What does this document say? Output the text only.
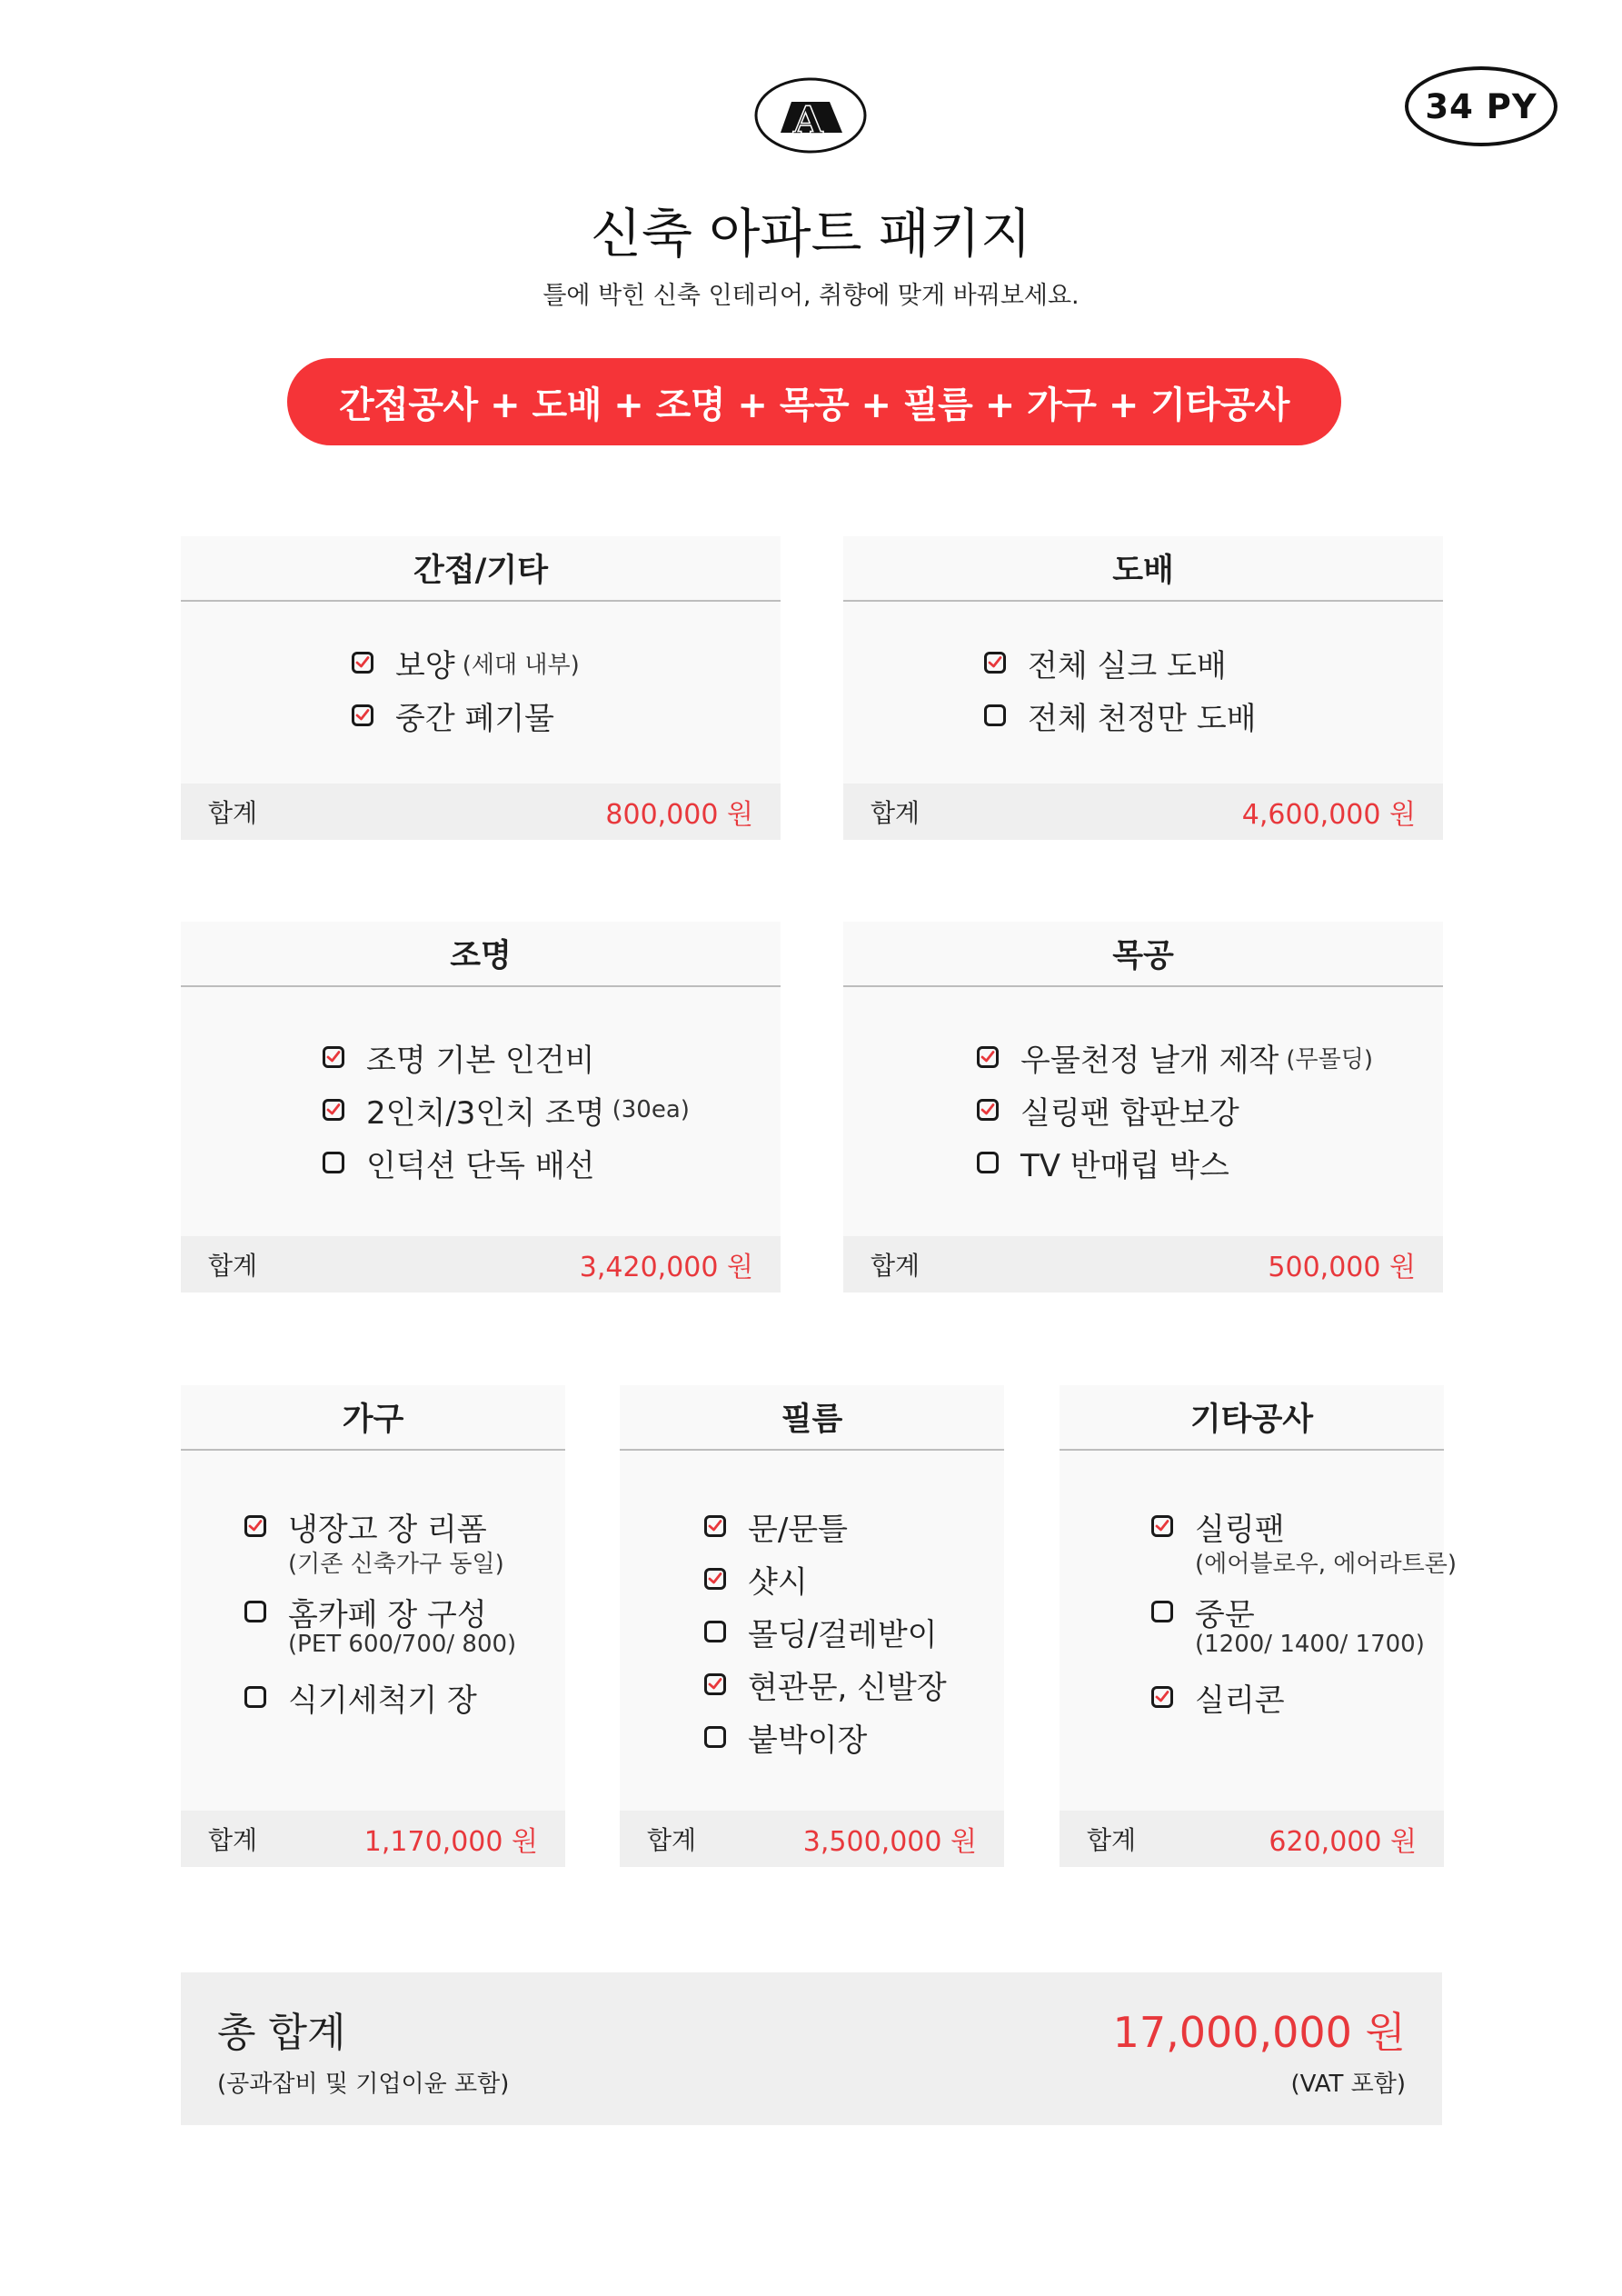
A	34 PY
신축 아파트 패키지
틀에 박힌 신축 인테리어, 취향에 맞게 바꿔보세요.
간접공사 + 도배 + 조명 + 목공 + 필름 + 가구 + 기타공사
간접/기타
보양 (세대 내부)
중간 폐기물
합계	800,000 원
도배
전체 실크 도배
전체 천정만 도배
합계	4,600,000 원
조명
조명 기본 인건비
2인치/3인치 조명 (30ea)
인덕션 단독 배선
합계	3,420,000 원
목공
우물천정 날개 제작 (무몰딩)
실링팬 합판보강
TV 반매립 박스
합계	500,000 원
가구
냉장고 장 리폼
(기존 신축가구 동일)
홈카페 장 구성
(PET 600/700/ 800)
식기세척기 장
합계	1,170,000 원
필름
문/문틀
샷시
몰딩/걸레받이
현관문, 신발장
붙박이장
합계	3,500,000 원
기타공사
실링팬
(에어블로우, 에어라트론)
중문
(1200/ 1400/ 1700)
실리콘
합계	620,000 원
총 합계
(공과잡비 및 기업이윤 포함)
17,000,000 원
(VAT 포함)
